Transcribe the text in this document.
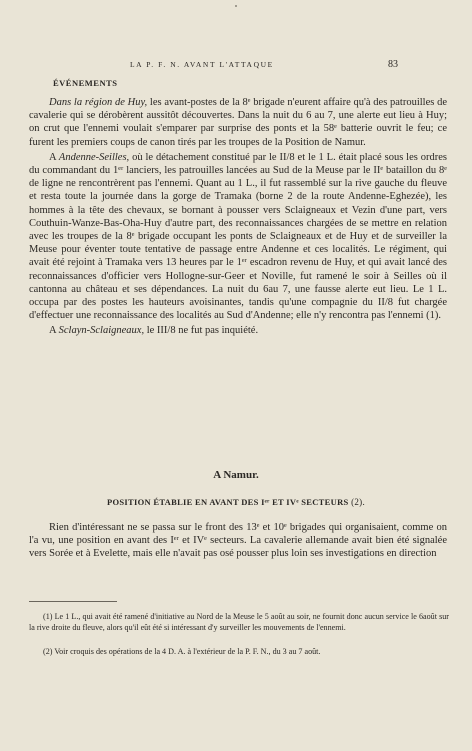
LA P. F. N. AVANT L'ATTAQUE	83

ÉVÉNEMENTS

Dans la région de Huy, les avant-postes de la 8ᵉ brigade n'eurent affaire qu'à des patrouilles de cavalerie qui se dérobèrent aussitôt découvertes. Dans la nuit du 6 au 7, une alerte eut lieu à Huy; on crut que l'ennemi voulait s'emparer par surprise des ponts et la 58ᵉ batterie ouvrit le feu; ce furent les premiers coups de canon tirés par les troupes de la Position de Namur.

A Andenne-Seilles, où le détachement constitué par le II/8 et le 1 L. était placé sous les ordres du commandant du 1ᵉʳ lanciers, les patrouilles lancées au Sud de la Meuse par le IIᵉ bataillon du 8ᵉ de ligne ne rencontrèrent pas l'ennemi. Quant au 1 L., il fut rassemblé sur la rive gauche du fleuve et resta toute la journée dans la gorge de Tramaka (borne 2 de la route Andenne-Eghezée), les hommes à la tête des chevaux, se bornant à pousser vers Sclaigneaux et Vezin d'une part, vers Couthuin-Wanze-Bas-Oha-Huy d'autre part, des reconnaissances chargées de se mettre en relation avec les troupes de la 8ᵉ brigade occupant les ponts de Sclaigneaux et de Huy et de surveiller la Meuse pour éventer toute tentative de passage entre Andenne et ces localités. Le régiment, qui avait été rejoint à Tramaka vers 13 heures par le 1ᵉʳ escadron revenu de Huy, et qui avait lancé des reconnaissances d'officier vers Hollogne-sur-Geer et Noville, fut ramené le soir à Seilles où il cantonna au château et ses dépendances. La nuit du 6au 7, une fausse alerte eut lieu. Le 1 L. occupa par des postes les hauteurs avoisinantes, tandis qu'une compagnie du II/8 fut chargée d'effectuer une reconnaissance des localités au Sud d'Andenne; elle n'y rencontra pas l'ennemi (1).

A Sclayn-Sclaigneaux, le III/8 ne fut pas inquiété.

A Namur.

POSITION ÉTABLIE EN AVANT DES Iᵉʳ ET IVᵉ SECTEURS (2).

Rien d'intéressant ne se passa sur le front des 13ᵉ et 10ᵉ brigades qui organisaient, comme on l'a vu, une position en avant des Iᵉʳ et IVᵉ secteurs. La cavalerie allemande avait bien été signalée vers Sorée et à Evelette, mais elle n'avait pas osé pousser plus loin ses investigations en direction

(1) Le 1 L., qui avait été ramené d'initiative au Nord de la Meuse le 5 août au soir, ne fournit donc aucun service le 6août sur la rive droite du fleuve, alors qu'il eût été si intéressant d'y surveiller les mouvements de l'ennemi.

(2) Voir croquis des opérations de la 4 D. A. à l'extérieur de la P. F. N., du 3 au 7 août.
